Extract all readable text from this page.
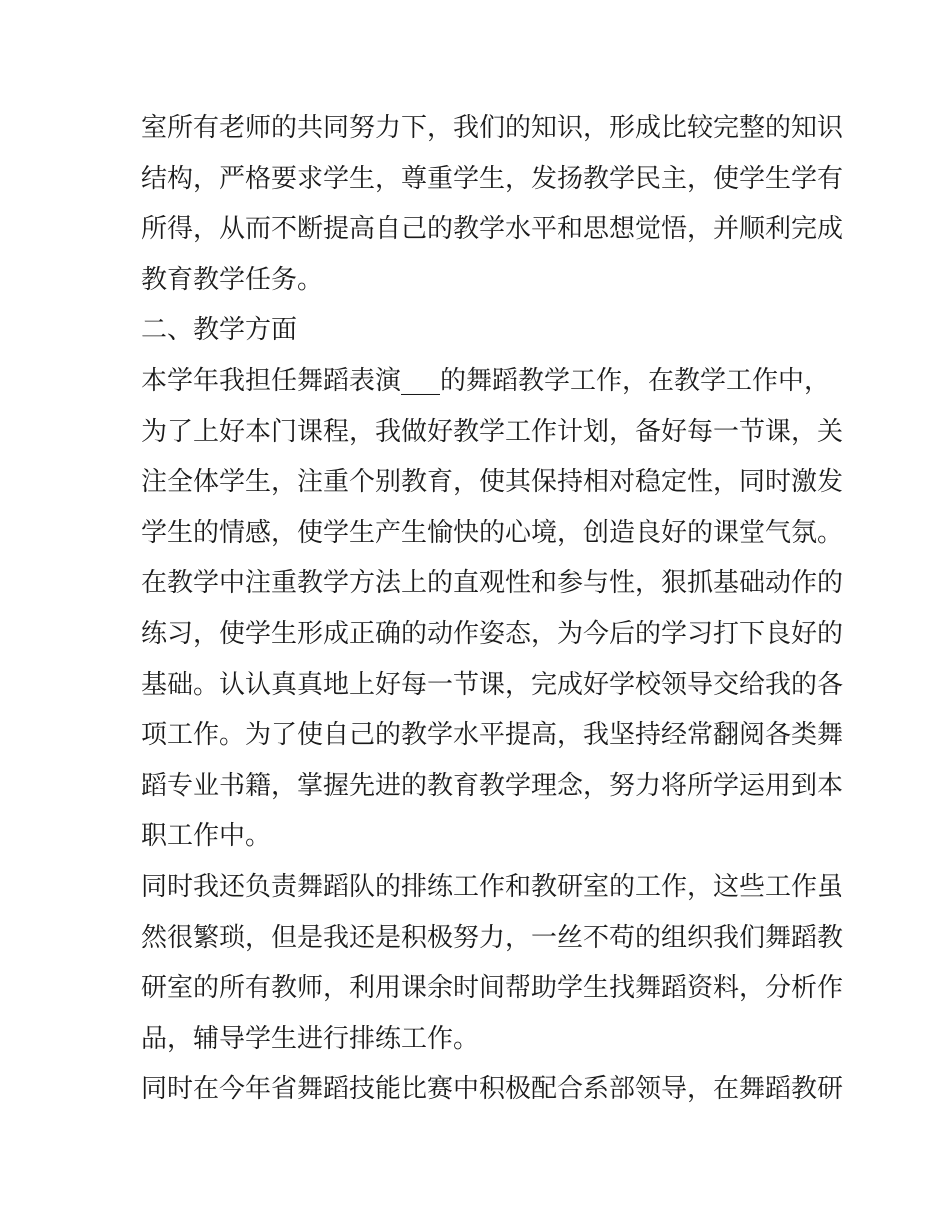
室所有老师的共同努力下，我们的知识，形成比较完整的知识
结构，严格要求学生，尊重学生，发扬教学民主，使学生学有
所得，从而不断提高自己的教学水平和思想觉悟，并顺利完成
教育教学任务。
二、教学方面
本学年我担任舞蹈表演___的舞蹈教学工作，在教学工作中，
为了上好本门课程，我做好教学工作计划，备好每一节课，关
注全体学生，注重个别教育，使其保持相对稳定性，同时激发
学生的情感，使学生产生愉快的心境，创造良好的课堂气氛。
在教学中注重教学方法上的直观性和参与性，狠抓基础动作的
练习，使学生形成正确的动作姿态，为今后的学习打下良好的
基础。认认真真地上好每一节课，完成好学校领导交给我的各
项工作。为了使自己的教学水平提高，我坚持经常翻阅各类舞
蹈专业书籍，掌握先进的教育教学理念，努力将所学运用到本
职工作中。
同时我还负责舞蹈队的排练工作和教研室的工作，这些工作虽
然很繁琐，但是我还是积极努力，一丝不苟的组织我们舞蹈教
研室的所有教师，利用课余时间帮助学生找舞蹈资料，分析作
品，辅导学生进行排练工作。
同时在今年省舞蹈技能比赛中积极配合系部领导，在舞蹈教研
